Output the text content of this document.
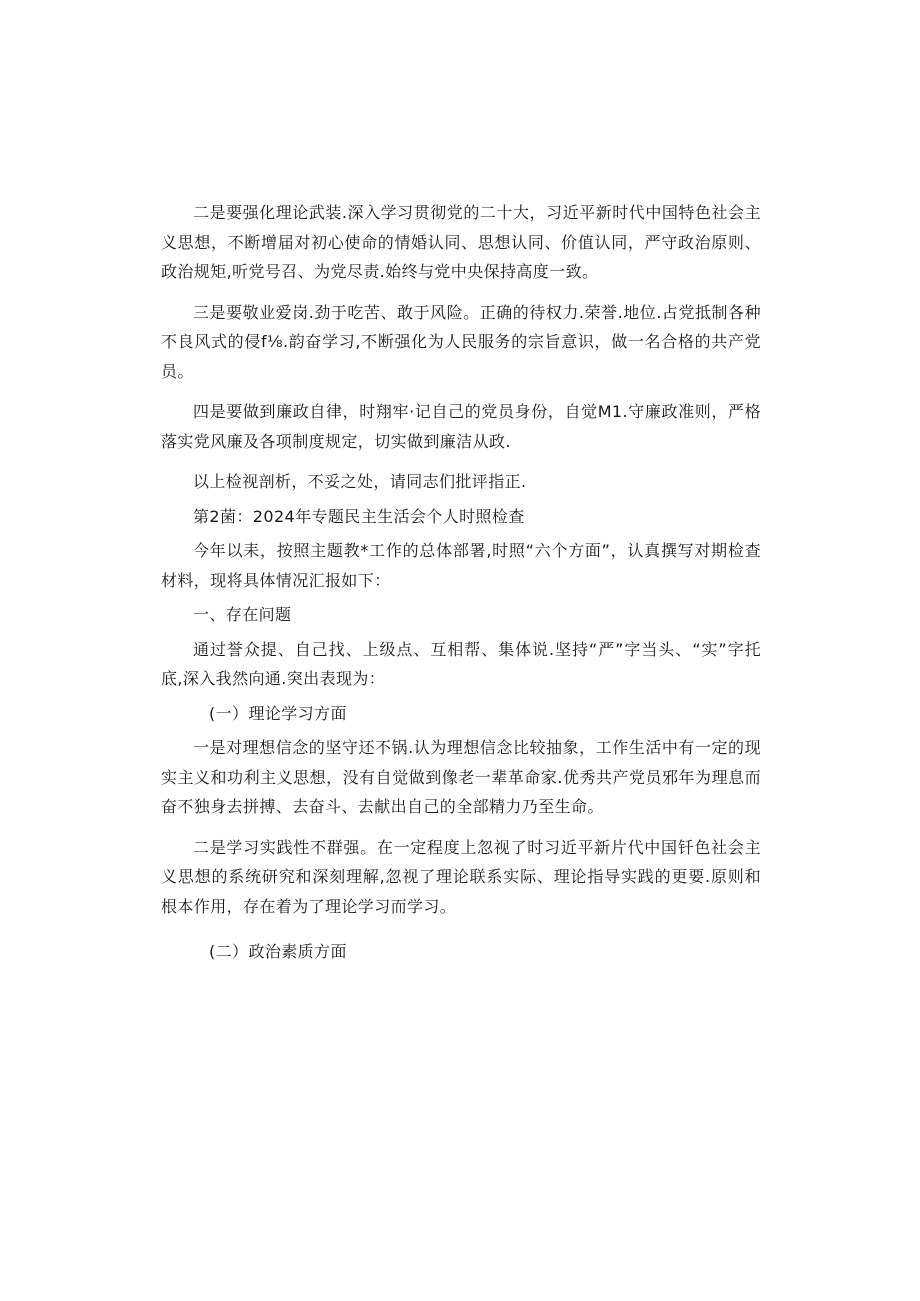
二是要强化理论武装.深入学习贯彻党的二十大，习近平新时代中国特色社会主义思想，不断增届对初心使命的情婚认同、思想认同、价值认同，严守政治原则、政治规矩,听党号召、为党尽责.始终与党中央保持高度一致。

三是要敬业爱岗.劲于吃苦、敢于风险。正确的待权力.荣誉.地位.占党抵制各种不良风式的侵f⅛.韵奋学习,不断强化为人民服务的宗旨意识，做一名合格的共产党员。

四是要做到廉政自律，时翔牢·记自己的党员身份，自觉M1.守廉政准则，严格落实党风廉及各项制度规定，切实做到廉洁从政.

以上检视剖析，不妥之处，请同志们批评指正.

第2菌：2024年专题民主生活会个人时照检查

今年以耒，按照主题教*工作的总体部署,时照“六个方面”，认真撰写对期检查材料，现将具体情况汇报如下：

一、存在问题

通过誉众提、自己找、上级点、互相帮、集体说.坚持“严”字当头、“实”字托底,深入我然向通.突出表现为：

(一）理论学习方面

一是对理想信念的坚守还不锅.认为理想信念比较抽象，工作生活中有一定的现实主义和功利主义思想，没有自觉做到像老一辈革命家.优秀共产党员邪年为理息而奋不独身去拼搏、去奋斗、去献出自己的全部精力乃至生命。

二是学习实践性不群强。在一定程度上忽视了时习近平新片代中国钎色社会主义思想的系统研究和深刻理解,忽视了理论联系实际、理论指导实践的更要.原则和根本作用，存在着为了理论学习而学习。

(二）政治素质方面
